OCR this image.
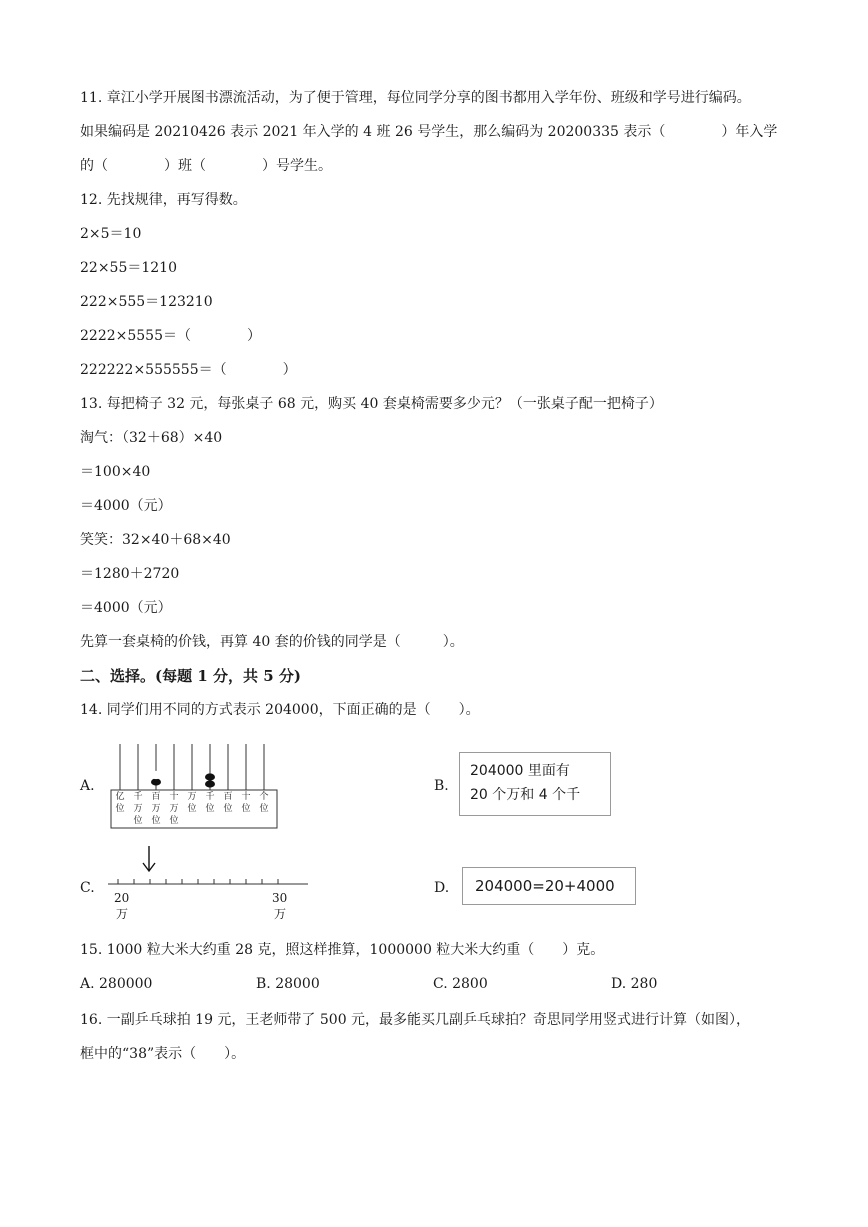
11. 章江小学开展图书漂流活动，为了便于管理，每位同学分享的图书都用入学年份、班级和学号进行编码。
如果编码是 20210426 表示 2021 年入学的 4 班 26 号学生，那么编码为 20200335 表示（　　　　）年入学
的（　　　　）班（　　　　）号学生。
12. 先找规律，再写得数。
2×5＝10
22×55＝1210
222×555＝123210
2222×5555＝（　　　　）
222222×555555＝（　　　　）
13. 每把椅子 32 元，每张桌子 68 元，购买 40 套桌椅需要多少元？（一张桌子配一把椅子）
淘气：（32＋68）×40
＝100×40
＝4000（元）
笑笑：32×40＋68×40
＝1280＋2720
＝4000（元）
先算一套桌椅的价钱，再算 40 套的价钱的同学是（　　　）。
二、选择。(每题 1 分，共 5 分)
14. 同学们用不同的方式表示 204000，下面正确的是（　　）。
A.
亿
位
千
万
位
百
万
位
十
万
位
万
位
千
位
百
位
十
位
个
位
B.
204000 里面有
20 个万和 4 个千
C.
20
万
30
万
D. 204000=20+4000
15. 1000 粒大米大约重 28 克，照这样推算，1000000 粒大米大约重（　　）克。
A. 280000	B. 28000	C. 2800	D. 280
16. 一副乒乓球拍 19 元，王老师带了 500 元，最多能买几副乒乓球拍？奇思同学用竖式进行计算（如图），
框中的“38”表示（　　）。
